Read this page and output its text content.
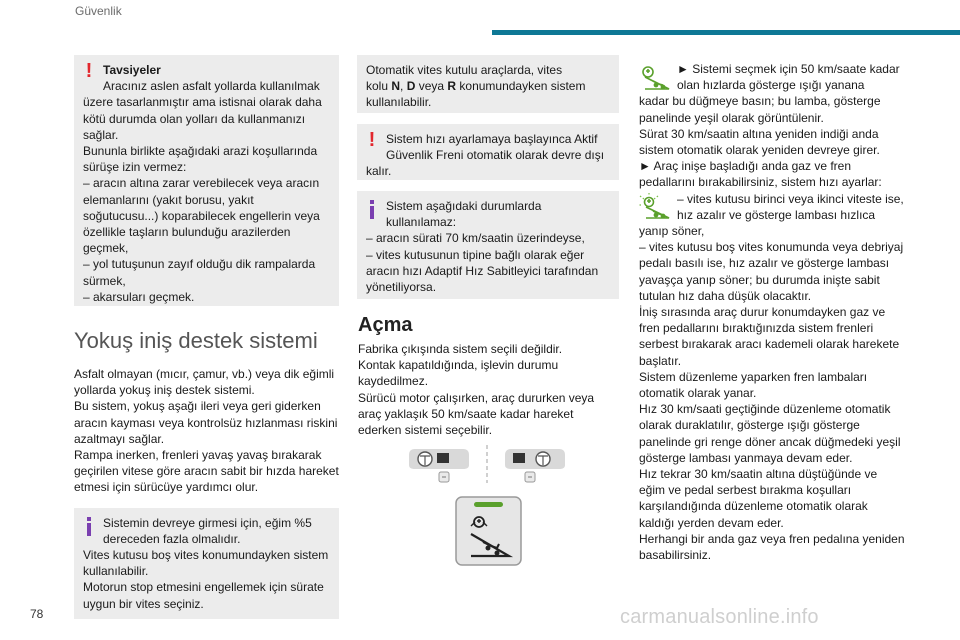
Güvenlik
! Tavsiyeler

Aracınız aslen asfalt yollarda kullanılmak

üzere tasarlanmıştır ama istisnai olarak daha kötü durumda olan yolları da kullanmanızı sağlar.
Bununla birlikte aşağıdaki arazi koşullarında sürüşe izin vermez:
– aracın altına zarar verebilecek veya aracın elemanlarını (yakıt borusu, yakıt soğutucusu...) koparabilecek engellerin veya özellikle taşların bulunduğu arazilerden geçmek,
– yol tutuşunun zayıf olduğu dik rampalarda sürmek,
– akarsuları geçmek.

Yokuş iniş destek sistemi

Asfalt olmayan (mıcır, çamur, vb.) veya dik eğimli yollarda yokuş iniş destek sistemi.
Bu sistem, yokuş aşağı ileri veya geri giderken aracın kayması veya kontrolsüz hızlanması riskini azaltmayı sağlar.
Rampa inerken, frenleri yavaş yavaş bırakarak geçirilen vitese göre aracın sabit bir hızda hareket etmesi için sürücüye yardımcı olur.

Sistemin devreye girmesi için, eğim %5 dereceden fazla olmalıdır.

Vites kutusu boş vites konumundayken sistem kullanılabilir.
Motorun stop etmesini engellemek için sürate uygun bir vites seçiniz.

Otomatik vites kutulu araçlarda, vites

kolu N, D veya R konumundayken sistem

kullanılabilir.

! Sistem hızı ayarlamaya başlayınca Aktif Güvenlik Freni otomatik olarak devre dışı

kalır.

Sistem aşağıdaki durumlarda kullanılamaz:

– aracın sürati 70 km/saatin üzerindeyse,
– vites kutusunun tipine bağlı olarak eğer aracın hızı Adaptif Hız Sabitleyici tarafından yönetiliyorsa.

Açma

Fabrika çıkışında sistem seçili değildir.
Kontak kapatıldığında, işlevin durumu kaydedilmez.
Sürücü motor çalışırken, araç dururken veya araç yaklaşık 50 km/saate kadar hareket ederken sistemi seçebilir.

► Sistemi seçmek için 50 km/saate kadar olan hızlarda gösterge ışığı yanana

kadar bu düğmeye basın; bu lamba, gösterge panelinde yeşil olarak görüntülenir.
Sürat 30 km/saatin altına yeniden indiği anda sistem otomatik olarak yeniden devreye girer.
► Araç inişe başladığı anda gaz ve fren pedallarını bırakabilirsiniz, sistem hızı ayarlar:

– vites kutusu birinci veya ikinci viteste ise, hız azalır ve gösterge lambası hızlıca

yanıp söner,
– vites kutusu boş vites konumunda veya debriyaj pedalı basılı ise, hız azalır ve gösterge lambası yavaşça yanıp söner; bu durumda inişte sabit tutulan hız daha düşük olacaktır.
İniş sırasında araç durur konumdayken gaz ve fren pedallarını bıraktığınızda sistem frenleri serbest bırakarak aracı kademeli olarak harekete başlatır.
Sistem düzenleme yaparken fren lambaları otomatik olarak yanar.
Hız 30 km/saati geçtiğinde düzenleme otomatik olarak duraklatılır, gösterge ışığı gösterge panelinde gri renge döner ancak düğmedeki yeşil gösterge lambası yanmaya devam eder.
Hız tekrar 30 km/saatin altına düştüğünde ve eğim ve pedal serbest bırakma koşulları karşılandığında düzenleme otomatik olarak kaldığı yerden devam eder.
Herhangi bir anda gaz veya fren pedalına yeniden basabilirsiniz.

78	carmanualsonline.info
